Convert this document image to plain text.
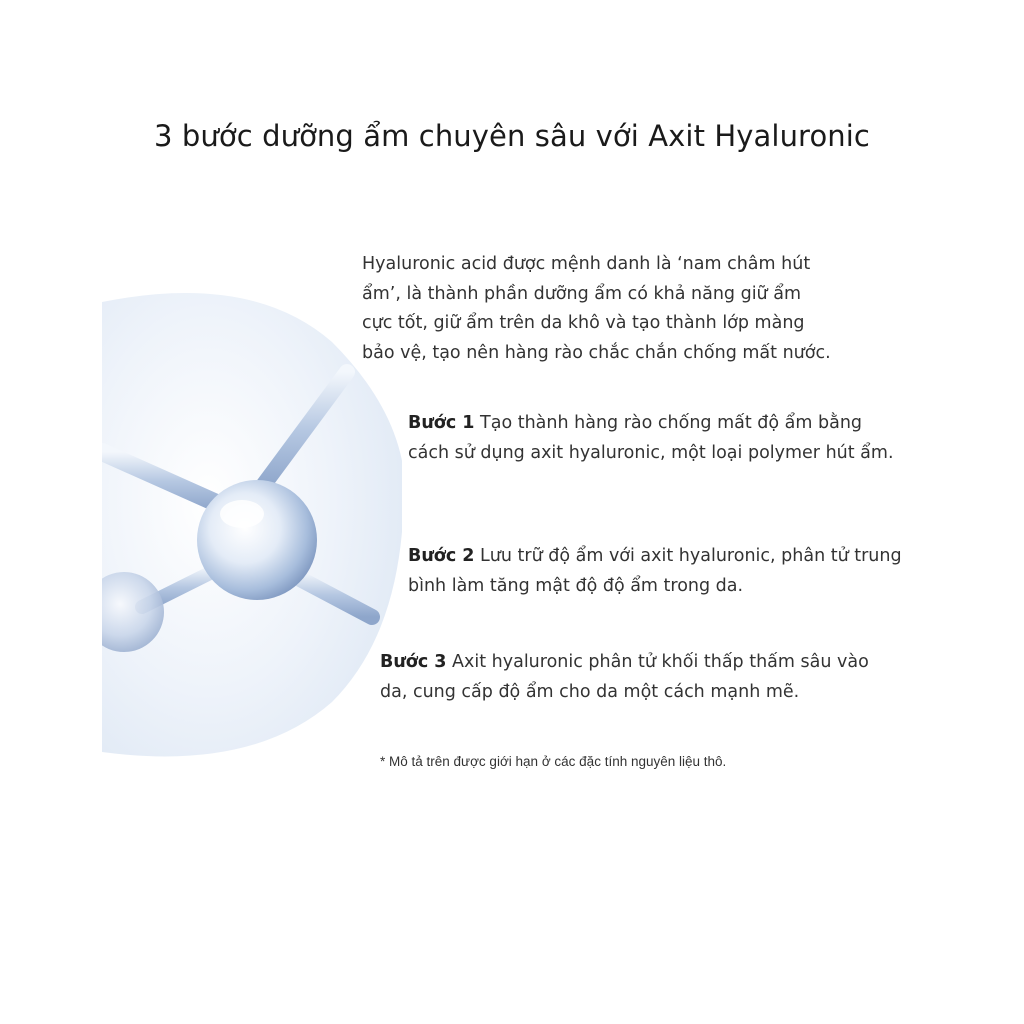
3 bước dưỡng ẩm chuyên sâu với Axit Hyaluronic
Hyaluronic acid được mệnh danh là ‘nam châm hút
ẩm’, là thành phần dưỡng ẩm có khả năng giữ ẩm
cực tốt, giữ ẩm trên da khô và tạo thành lớp màng
bảo vệ, tạo nên hàng rào chắc chắn chống mất nước.
Bước 1 Tạo thành hàng rào chống mất độ ẩm bằng
cách sử dụng axit hyaluronic, một loại polymer hút ẩm.
Bước 2 Lưu trữ độ ẩm với axit hyaluronic, phân tử trung
bình làm tăng mật độ độ ẩm trong da.
Bước 3 Axit hyaluronic phân tử khối thấp thấm sâu vào
da, cung cấp độ ẩm cho da một cách mạnh mẽ.
* Mô tả trên được giới hạn ở các đặc tính nguyên liệu thô.
